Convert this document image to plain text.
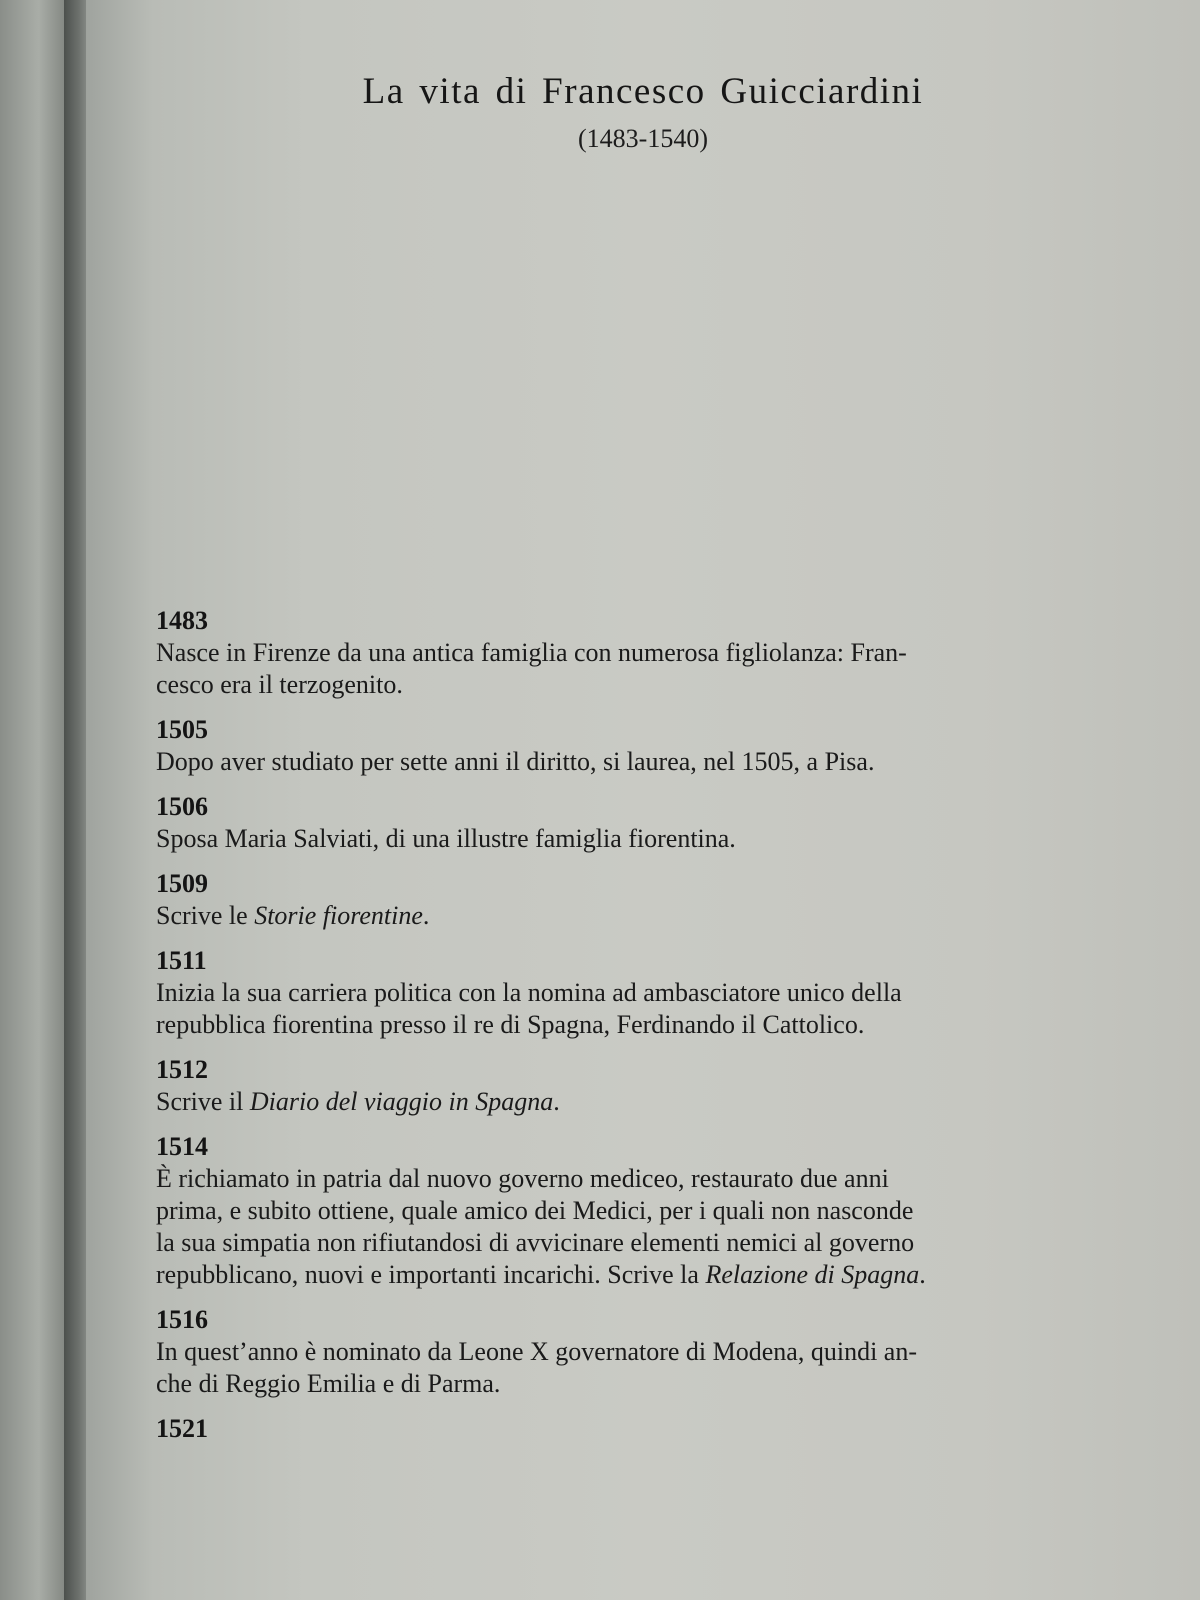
La vita di Francesco Guicciardini
(1483-1540)
1483
Nasce in Firenze da una antica famiglia con numerosa figliolanza: Fran-
cesco era il terzogenito.
1505
Dopo aver studiato per sette anni il diritto, si laurea, nel 1505, a Pisa.
1506
Sposa Maria Salviati, di una illustre famiglia fiorentina.
1509
Scrive le Storie fiorentine.
1511
Inizia la sua carriera politica con la nomina ad ambasciatore unico della
repubblica fiorentina presso il re di Spagna, Ferdinando il Cattolico.
1512
Scrive il Diario del viaggio in Spagna.
1514
È richiamato in patria dal nuovo governo mediceo, restaurato due anni
prima, e subito ottiene, quale amico dei Medici, per i quali non nasconde
la sua simpatia non rifiutandosi di avvicinare elementi nemici al governo
repubblicano, nuovi e importanti incarichi. Scrive la Relazione di Spagna.
1516
In quest’anno è nominato da Leone X governatore di Modena, quindi an-
che di Reggio Emilia e di Parma.
1521
